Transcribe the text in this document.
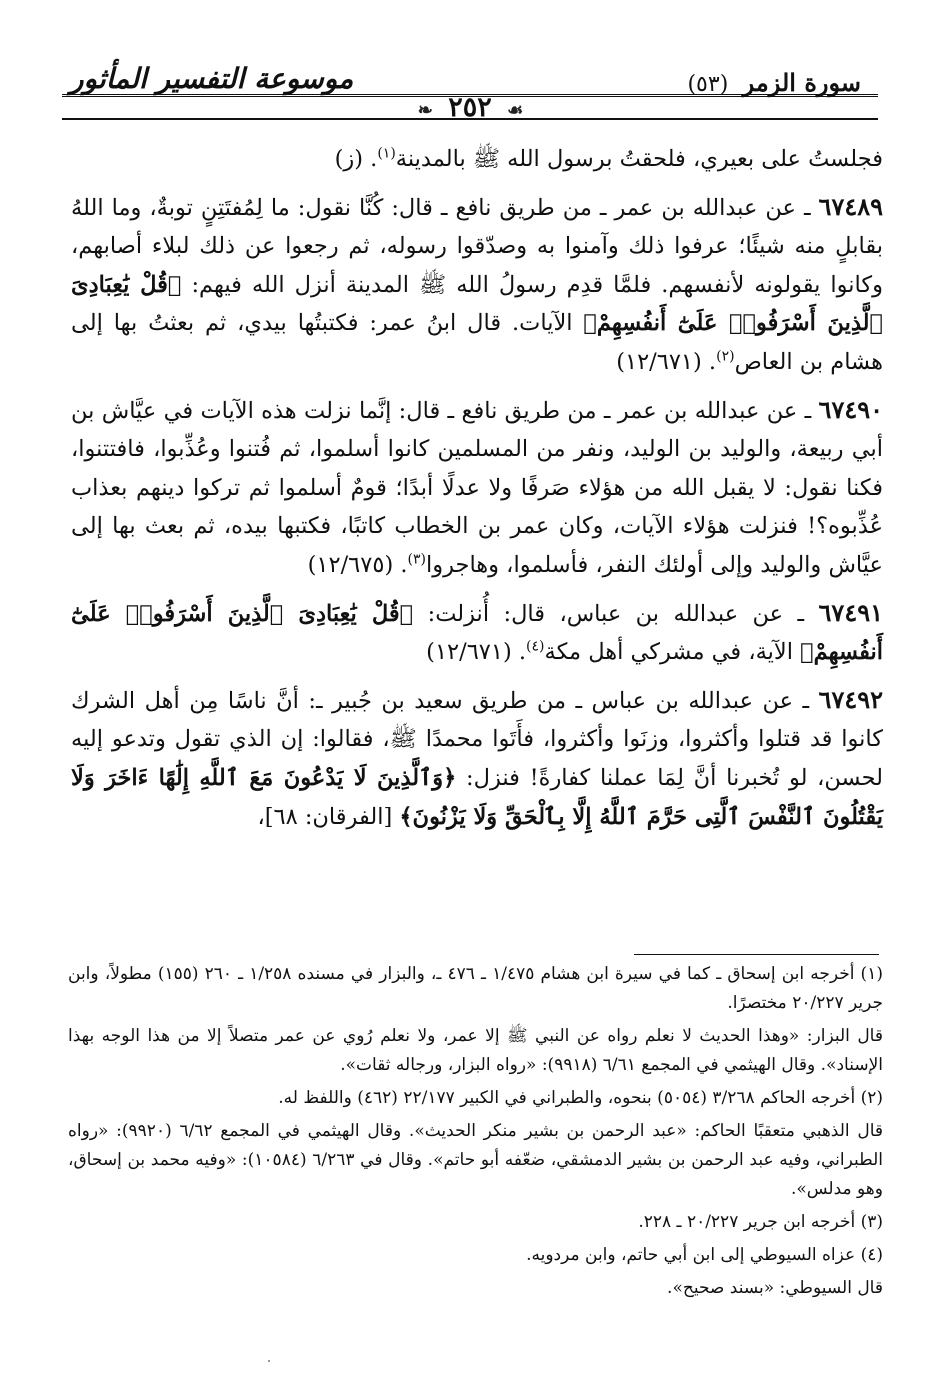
سورة الزمر (٥٣)
موسوعة التفسير المأثور
☙ ٢٥٢ ❧

فجلستُ على بعيري، فلحقتُ برسول الله ﷺ بالمدينة$^{(١)}$. (ز)

٦٧٤٨٩ ـ عن عبدالله بن عمر ـ من طريق نافع ـ قال: كُنَّا نقول: ما لِمُفتَتِنٍ توبةٌ، وما اللهُ بقابلٍ منه شيئًا؛ عرفوا ذلك وآمنوا به وصدّقوا رسوله، ثم رجعوا عن ذلك لبلاء أصابهم، وكانوا يقولونه لأنفسهم. فلمَّا قدِم رسولُ الله ﷺ المدينة أنزل الله فيهم: ﴿قُلْ يَٰعِبَادِىَ ٱلَّذِينَ أَسْرَفُوا۟ عَلَىٰٓ أَنفُسِهِمْ﴾ الآيات. قال ابنُ عمر: فكتبتُها بيدي، ثم بعثتُ بها إلى هشام بن العاص$^{(٢)}$. (١٢/٦٧١)

٦٧٤٩٠ ـ عن عبدالله بن عمر ـ من طريق نافع ـ قال: إنَّما نزلت هذه الآيات في عيَّاش بن أبي ربيعة، والوليد بن الوليد، ونفر من المسلمين كانوا أسلموا، ثم فُتنوا وعُذِّبوا، فافتتنوا، فكنا نقول: لا يقبل الله من هؤلاء صَرفًا ولا عدلًا أبدًا؛ قومٌ أسلموا ثم تركوا دينهم بعذاب عُذِّبوه؟! فنزلت هؤلاء الآيات، وكان عمر بن الخطاب كاتبًا، فكتبها بيده، ثم بعث بها إلى عيَّاش والوليد وإلى أولئك النفر، فأسلموا، وهاجروا$^{(٣)}$. (١٢/٦٧٥)

٦٧٤٩١ ـ عن عبدالله بن عباس، قال: أُنزلت: ﴿قُلْ يَٰعِبَادِىَ ٱلَّذِينَ أَسْرَفُوا۟ عَلَىٰٓ أَنفُسِهِمْ﴾ الآية، في مشركي أهل مكة$^{(٤)}$. (١٢/٦٧١)

٦٧٤٩٢ ـ عن عبدالله بن عباس ـ من طريق سعيد بن جُبير ـ: أنَّ ناسًا مِن أهل الشرك كانوا قد قتلوا وأكثروا، وزنَوا وأكثروا، فأَتَوا محمدًا ﷺ، فقالوا: إن الذي تقول وتدعو إليه لحسن، لو تُخبرنا أنَّ لِمَا عملنا كفارةً! فنزل: ﴿وَٱلَّذِينَ لَا يَدْعُونَ مَعَ ٱللَّهِ إِلَٰهًا ءَاخَرَ وَلَا يَقْتُلُونَ ٱلنَّفْسَ ٱلَّتِى حَرَّمَ ٱللَّهُ إِلَّا بِٱلْحَقِّ وَلَا يَزْنُونَ﴾ [الفرقان: ٦٨]،

(١) أخرجه ابن إسحاق ـ كما في سيرة ابن هشام ١/٤٧٥ ـ ٤٧٦ ـ، والبزار في مسنده ١/٢٥٨ ـ ٢٦٠ (١٥٥) مطولاً، وابن جرير ٢٠/٢٢٧ مختصرًا.

قال البزار: «وهذا الحديث لا نعلم رواه عن النبي ﷺ إلا عمر، ولا نعلم رُوي عن عمر متصلاً إلا من هذا الوجه بهذا الإسناد». وقال الهيثمي في المجمع ٦/٦١ (٩٩١٨): «رواه البزار، ورجاله ثقات».

(٢) أخرجه الحاكم ٣/٢٦٨ (٥٠٥٤) بنحوه، والطبراني في الكبير ٢٢/١٧٧ (٤٦٢) واللفظ له.

قال الذهبي متعقبًا الحاكم: «عبد الرحمن بن بشير منكر الحديث». وقال الهيثمي في المجمع ٦/٦٢ (٩٩٢٠): «رواه الطبراني، وفيه عبد الرحمن بن بشير الدمشقي، ضعّفه أبو حاتم». وقال في ٦/٢٦٣ (١٠٥٨٤): «وفيه محمد بن إسحاق، وهو مدلس».

(٣) أخرجه ابن جرير ٢٠/٢٢٧ ـ ٢٢٨.

(٤) عزاه السيوطي إلى ابن أبي حاتم، وابن مردويه.

قال السيوطي: «بسند صحيح».
